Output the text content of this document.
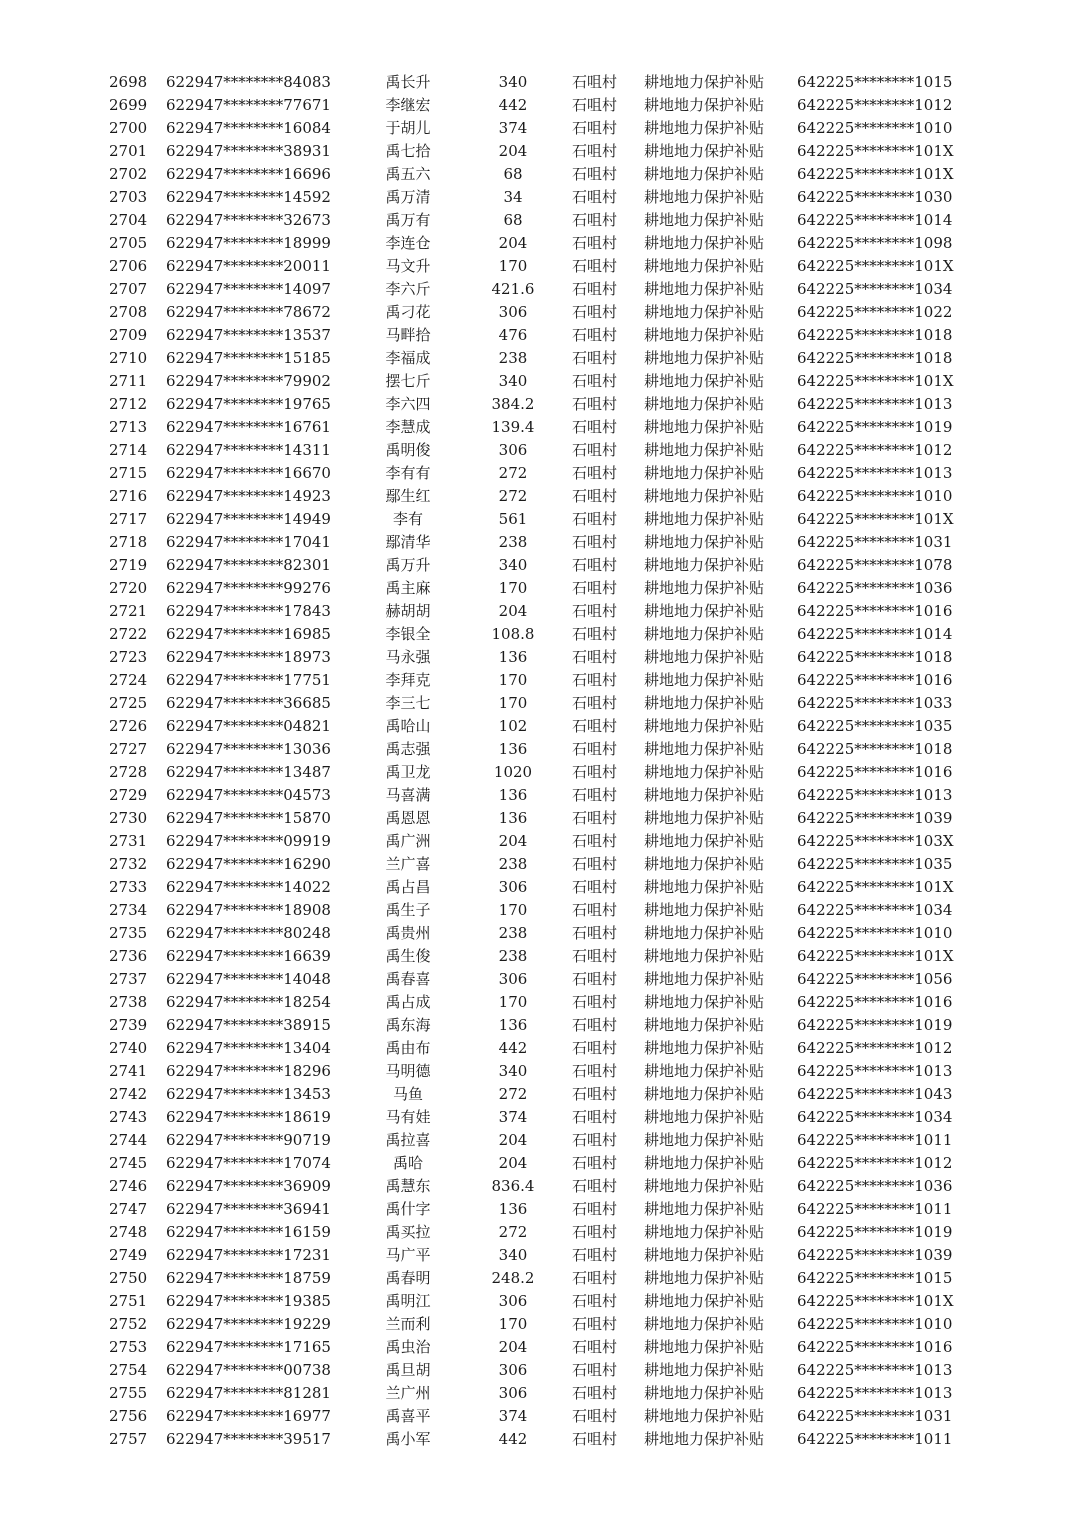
2698 622947********84083	禹长升	340	石咀村 耕地地力保护补贴 642225********1015
2699 622947********77671	李继宏	442	石咀村 耕地地力保护补贴 642225********1012
2700 622947********16084	于胡儿	374	石咀村 耕地地力保护补贴 642225********1010
2701 622947********38931	禹七拾	204	石咀村 耕地地力保护补贴 642225********101X
2702 622947********16696	禹五六	68	石咀村 耕地地力保护补贴 642225********101X
2703 622947********14592	禹万清	34	石咀村 耕地地力保护补贴 642225********1030
2704 622947********32673	禹万有	68	石咀村 耕地地力保护补贴 642225********1014
2705 622947********18999	李连仓	204	石咀村 耕地地力保护补贴 642225********1098
2706 622947********20011	马文升	170	石咀村 耕地地力保护补贴 642225********101X
2707 622947********14097	李六斤	421.6	石咀村 耕地地力保护补贴 642225********1034
2708 622947********78672	禹刁花	306	石咀村 耕地地力保护补贴 642225********1022
2709 622947********13537	马畔拾	476	石咀村 耕地地力保护补贴 642225********1018
2710 622947********15185	李福成	238	石咀村 耕地地力保护补贴 642225********1018
2711 622947********79902	摆七斤	340	石咀村 耕地地力保护补贴 642225********101X
2712 622947********19765	李六四	384.2	石咀村 耕地地力保护补贴 642225********1013
2713 622947********16761	李慧成	139.4	石咀村 耕地地力保护补贴 642225********1019
2714 622947********14311	禹明俊	306	石咀村 耕地地力保护补贴 642225********1012
2715 622947********16670	李有有	272	石咀村 耕地地力保护补贴 642225********1013
2716 622947********14923	鄢生红	272	石咀村 耕地地力保护补贴 642225********1010
2717 622947********14949	李有	561	石咀村 耕地地力保护补贴 642225********101X
2718 622947********17041	鄢清华	238	石咀村 耕地地力保护补贴 642225********1031
2719 622947********82301	禹万升	340	石咀村 耕地地力保护补贴 642225********1078
2720 622947********99276	禹主麻	170	石咀村 耕地地力保护补贴 642225********1036
2721 622947********17843	赫胡胡	204	石咀村 耕地地力保护补贴 642225********1016
2722 622947********16985	李银全	108.8	石咀村 耕地地力保护补贴 642225********1014
2723 622947********18973	马永强	136	石咀村 耕地地力保护补贴 642225********1018
2724 622947********17751	李拜克	170	石咀村 耕地地力保护补贴 642225********1016
2725 622947********36685	李三七	170	石咀村 耕地地力保护补贴 642225********1033
2726 622947********04821	禹哈山	102	石咀村 耕地地力保护补贴 642225********1035
2727 622947********13036	禹志强	136	石咀村 耕地地力保护补贴 642225********1018
2728 622947********13487	禹卫龙	1020	石咀村 耕地地力保护补贴 642225********1016
2729 622947********04573	马喜满	136	石咀村 耕地地力保护补贴 642225********1013
2730 622947********15870	禹恩恩	136	石咀村 耕地地力保护补贴 642225********1039
2731 622947********09919	禹广洲	204	石咀村 耕地地力保护补贴 642225********103X
2732 622947********16290	兰广喜	238	石咀村 耕地地力保护补贴 642225********1035
2733 622947********14022	禹占昌	306	石咀村 耕地地力保护补贴 642225********101X
2734 622947********18908	禹生子	170	石咀村 耕地地力保护补贴 642225********1034
2735 622947********80248	禹贵州	238	石咀村 耕地地力保护补贴 642225********1010
2736 622947********16639	禹生俊	238	石咀村 耕地地力保护补贴 642225********101X
2737 622947********14048	禹春喜	306	石咀村 耕地地力保护补贴 642225********1056
2738 622947********18254	禹占成	170	石咀村 耕地地力保护补贴 642225********1016
2739 622947********38915	禹东海	136	石咀村 耕地地力保护补贴 642225********1019
2740 622947********13404	禹由布	442	石咀村 耕地地力保护补贴 642225********1012
2741 622947********18296	马明德	340	石咀村 耕地地力保护补贴 642225********1013
2742 622947********13453	马鱼	272	石咀村 耕地地力保护补贴 642225********1043
2743 622947********18619	马有娃	374	石咀村 耕地地力保护补贴 642225********1034
2744 622947********90719	禹拉喜	204	石咀村 耕地地力保护补贴 642225********1011
2745 622947********17074	禹哈	204	石咀村 耕地地力保护补贴 642225********1012
2746 622947********36909	禹慧东	836.4	石咀村 耕地地力保护补贴 642225********1036
2747 622947********36941	禹什字	136	石咀村 耕地地力保护补贴 642225********1011
2748 622947********16159	禹买拉	272	石咀村 耕地地力保护补贴 642225********1019
2749 622947********17231	马广平	340	石咀村 耕地地力保护补贴 642225********1039
2750 622947********18759	禹春明	248.2	石咀村 耕地地力保护补贴 642225********1015
2751 622947********19385	禹明江	306	石咀村 耕地地力保护补贴 642225********101X
2752 622947********19229	兰而利	170	石咀村 耕地地力保护补贴 642225********1010
2753 622947********17165	禹虫治	204	石咀村 耕地地力保护补贴 642225********1016
2754 622947********00738	禹旦胡	306	石咀村 耕地地力保护补贴 642225********1013
2755 622947********81281	兰广州	306	石咀村 耕地地力保护补贴 642225********1013
2756 622947********16977	禹喜平	374	石咀村 耕地地力保护补贴 642225********1031
2757 622947********39517	禹小军	442	石咀村 耕地地力保护补贴 642225********1011
